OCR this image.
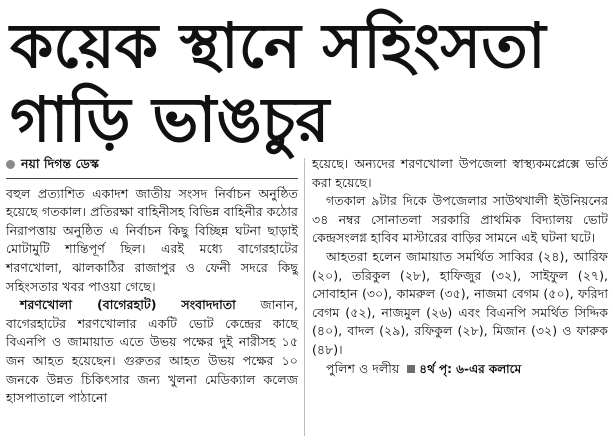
কয়েক স্থানে সহিংসতা
গাড়ি ভাঙচুর
নয়া দিগন্ত ডেস্ক

বহুল প্রত্যাশিত একাদশ জাতীয় সংসদ নির্বাচন অনুষ্ঠিত হয়েছে গতকাল। প্রতিরক্ষা বাহিনীসহ বিভিন্ন বাহিনীর কঠোর নিরাপত্তায় অনুষ্ঠিত এ নির্বাচন কিছু বিচ্ছিন্ন ঘটনা ছাড়াই মোটামুটি শান্তিপূর্ণ ছিল। এরই মধ্যে বাগেরহাটের শরণখোলা, ঝালকাঠির রাজাপুর ও ফেনী সদরে কিছু সহিংসতার খবর পাওয়া গেছে।

শরণখোলা (বাগেরহাট) সংবাদদাতা জানান, বাগেরহাটের শরণখোলার একটি ভোট কেন্দ্রের কাছে বিএনপি ও জামায়াত এতে উভয় পক্ষের দুই নারীসহ ১৫ জন আহত হয়েছেন। গুরুতর আহত উভয় পক্ষের ১০ জনকে উন্নত চিকিৎসার জন্য খুলনা মেডিক্যাল কলেজ হাসপাতালে পাঠানো

হয়েছে। অন্যদের শরণখোলা উপজেলা স্বাস্থ্যকমপ্লেক্সে ভর্তি করা হয়েছে।

গতকাল ৯টার দিকে উপজেলার সাউথখালী ইউনিয়নের ৩৪ নম্বর সোনাতলা সরকারি প্রাথমিক বিদ্যালয় ভোট কেন্দ্রসংলগ্ন হাবিব মাস্টারের বাড়ির সামনে এই ঘটনা ঘটে।

আহতরা হলেন জামায়াত সমর্থিত সাব্বির (২৪), আরিফ (২০), তরিকুল (২৮), হাফিজুর (৩২), সাইফুল (২৭), সোবাহান (৩০), কামরুল (৩৫), নাজমা বেগম (৫০), ফরিদা বেগম (৫২), নাজমুল (২৬) এবং বিএনপি সমর্থিত সিদ্দিক (৪০), বাদল (২৯), রফিকুল (২৮), মিজান (৩২) ও ফারুক (৪৮)।

পুলিশ ও দলীয় ৪র্থ পৃ: ৬-এর কলামে
